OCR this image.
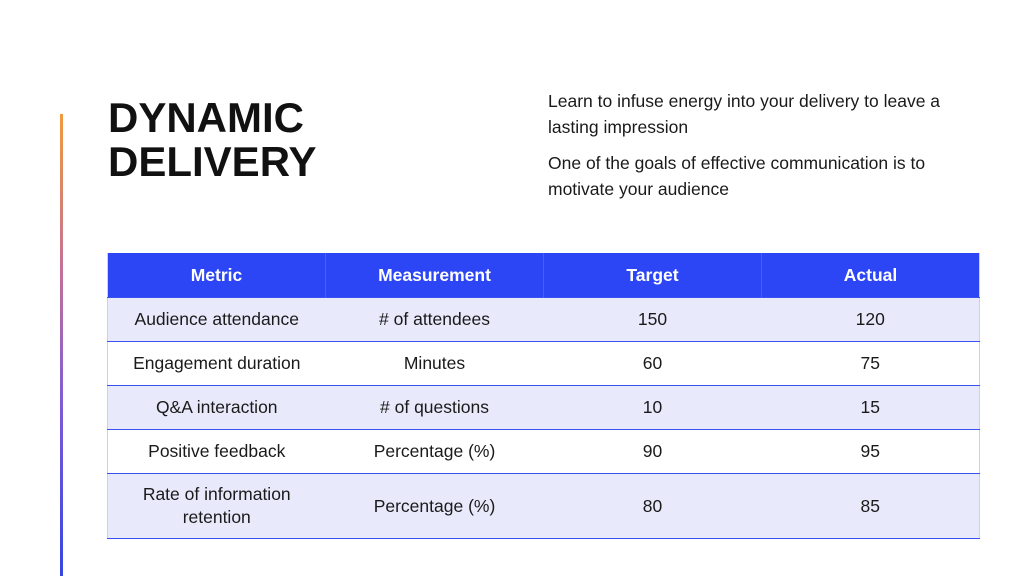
DYNAMIC
DELIVERY

Learn to infuse energy into your delivery to leave a lasting impression

One of the goals of effective communication is to motivate your audience

Metric	Measurement	Target	Actual
Audience attendance	# of attendees	150	120
Engagement duration	Minutes	60	75
Q&A interaction	# of questions	10	15
Positive feedback	Percentage (%)	90	95
Rate of information retention	Percentage (%)	80	85
